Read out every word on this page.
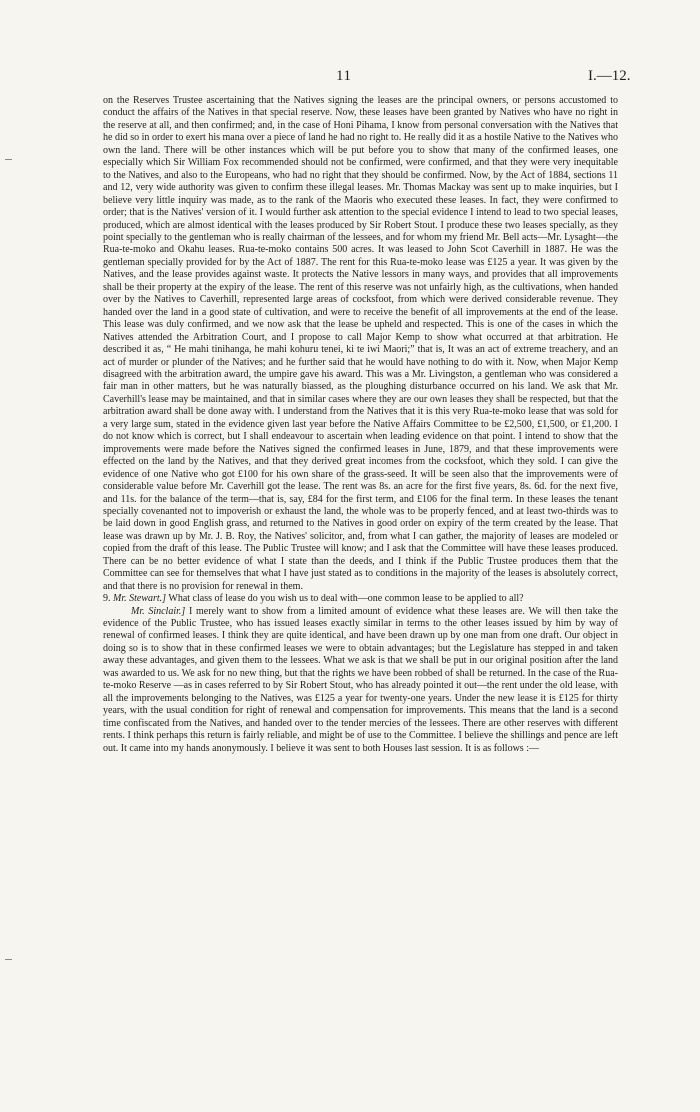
11	I.—12.

on the Reserves Trustee ascertaining that the Natives signing the leases are the principal owners, or persons accustomed to conduct the affairs of the Natives in that special reserve. Now, these leases have been granted by Natives who have no right in the reserve at all, and then confirmed; and, in the case of Honi Pihama, I know from personal conversation with the Natives that he did so in order to exert his mana over a piece of land he had no right to. He really did it as a hostile Native to the Natives who own the land. There will be other instances which will be put before you to show that many of the confirmed leases, one especially which Sir William Fox recommended should not be confirmed, were confirmed, and that they were very inequitable to the Natives, and also to the Europeans, who had no right that they should be confirmed. Now, by the Act of 1884, sections 11 and 12, very wide authority was given to confirm these illegal leases. Mr. Thomas Mackay was sent up to make inquiries, but I believe very little inquiry was made, as to the rank of the Maoris who executed these leases. In fact, they were confirmed to order; that is the Natives' version of it. I would further ask attention to the special evidence I intend to lead to two special leases, produced, which are almost identical with the leases produced by Sir Robert Stout. I produce these two leases specially, as they point specially to the gentleman who is really chairman of the lessees, and for whom my friend Mr. Bell acts—Mr. Lysaght—the Rua-te-moko and Okahu leases. Rua-te-moko contains 500 acres. It was leased to John Scot Caverhill in 1887. He was the gentleman specially provided for by the Act of 1887. The rent for this Rua-te-moko lease was £125 a year. It was given by the Natives, and the lease provides against waste. It protects the Native lessors in many ways, and provides that all improvements shall be their property at the expiry of the lease. The rent of this reserve was not unfairly high, as the cultivations, when handed over by the Natives to Caverhill, represented large areas of cocksfoot, from which were derived considerable revenue. They handed over the land in a good state of cultivation, and were to receive the benefit of all improvements at the end of the lease. This lease was duly confirmed, and we now ask that the lease be upheld and respected. This is one of the cases in which the Natives attended the Arbitration Court, and I propose to call Major Kemp to show what occurred at that arbitration. He described it as, “ He mahi tinihanga, he mahi kohuru tenei, ki te iwi Maori;” that is, It was an act of extreme treachery, and an act of murder or plunder of the Natives; and he further said that he would have nothing to do with it. Now, when Major Kemp disagreed with the arbitration award, the umpire gave his award. This was a Mr. Livingston, a gentleman who was considered a fair man in other matters, but he was naturally biassed, as the ploughing disturbance occurred on his land. We ask that Mr. Caverhill's lease may be maintained, and that in similar cases where they are our own leases they shall be respected, but that the arbitration award shall be done away with. I understand from the Natives that it is this very Rua-te-moko lease that was sold for a very large sum, stated in the evidence given last year before the Native Affairs Committee to be £2,500, £1,500, or £1,200. I do not know which is correct, but I shall endeavour to ascertain when leading evidence on that point. I intend to show that the improvements were made before the Natives signed the confirmed leases in June, 1879, and that these improvements were effected on the land by the Natives, and that they derived great incomes from the cocksfoot, which they sold. I can give the evidence of one Native who got £100 for his own share of the grass-seed. It will be seen also that the improvements were of considerable value before Mr. Caverhill got the lease. The rent was 8s. an acre for the first five years, 8s. 6d. for the next five, and 11s. for the balance of the term—that is, say, £84 for the first term, and £106 for the final term. In these leases the tenant specially covenanted not to impoverish or exhaust the land, the whole was to be properly fenced, and at least two-thirds was to be laid down in good English grass, and returned to the Natives in good order on expiry of the term created by the lease. That lease was drawn up by Mr. J. B. Roy, the Natives' solicitor, and, from what I can gather, the majority of leases are modeled or copied from the draft of this lease. The Public Trustee will know; and I ask that the Committee will have these leases produced. There can be no better evidence of what I state than the deeds, and I think if the Public Trustee produces them that the Committee can see for themselves that what I have just stated as to conditions in the majority of the leases is absolutely correct, and that there is no provision for renewal in them.

9. Mr. Stewart.] What class of lease do you wish us to deal with—one common lease to be applied to all?

Mr. Sinclair.] I merely want to show from a limited amount of evidence what these leases are. We will then take the evidence of the Public Trustee, who has issued leases exactly similar in terms to the other leases issued by him by way of renewal of confirmed leases. I think they are quite identical, and have been drawn up by one man from one draft. Our object in doing so is to show that in these confirmed leases we were to obtain advantages; but the Legislature has stepped in and taken away these advantages, and given them to the lessees. What we ask is that we shall be put in our original position after the land was awarded to us. We ask for no new thing, but that the rights we have been robbed of shall be returned. In the case of the Rua-te-moko Reserve —as in cases referred to by Sir Robert Stout, who has already pointed it out—the rent under the old lease, with all the improvements belonging to the Natives, was £125 a year for twenty-one years. Under the new lease it is £125 for thirty years, with the usual condition for right of renewal and compensation for improvements. This means that the land is a second time confiscated from the Natives, and handed over to the tender mercies of the lessees. There are other reserves with different rents. I think perhaps this return is fairly reliable, and might be of use to the Committee. I believe the shillings and pence are left out. It came into my hands anonymously. I believe it was sent to both Houses last session. It is as follows :—
